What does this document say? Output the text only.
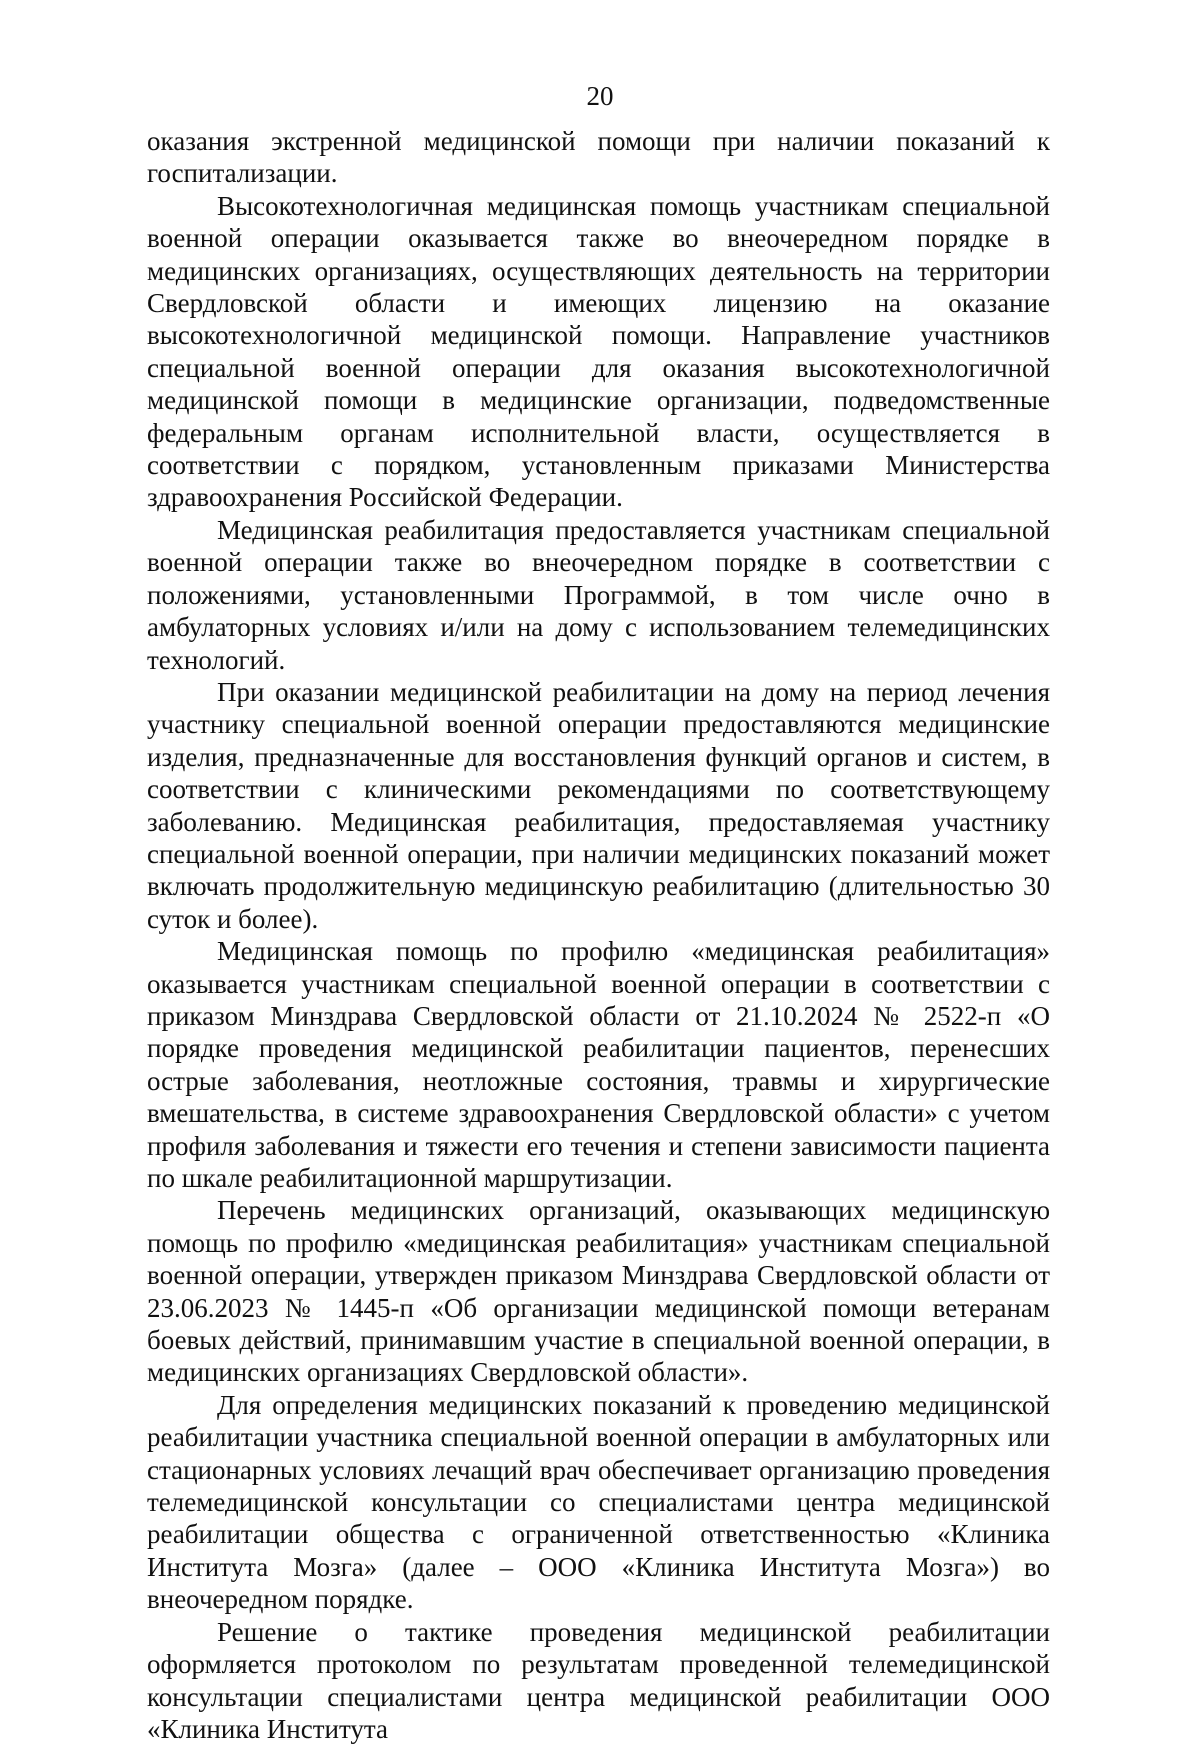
20

оказания экстренной медицинской помощи при наличии показаний к госпитализации.

Высокотехнологичная медицинская помощь участникам специальной военной операции оказывается также во внеочередном порядке в медицинских организациях, осуществляющих деятельность на территории Свердловской области и имеющих лицензию на оказание высокотехнологичной медицинской помощи. Направление участников специальной военной операции для оказания высокотехнологичной медицинской помощи в медицинские организации, подведомственные федеральным органам исполнительной власти, осуществляется в соответствии с порядком, установленным приказами Министерства здравоохранения Российской Федерации.

Медицинская реабилитация предоставляется участникам специальной военной операции также во внеочередном порядке в соответствии с положениями, установленными Программой, в том числе очно в амбулаторных условиях и/или на дому с использованием телемедицинских технологий.

При оказании медицинской реабилитации на дому на период лечения участнику специальной военной операции предоставляются медицинские изделия, предназначенные для восстановления функций органов и систем, в соответствии с клиническими рекомендациями по соответствующему заболеванию. Медицинская реабилитация, предоставляемая участнику специальной военной операции, при наличии медицинских показаний может включать продолжительную медицинскую реабилитацию (длительностью 30 суток и более).

Медицинская помощь по профилю «медицинская реабилитация» оказывается участникам специальной военной операции в соответствии с приказом Минздрава Свердловской области от 21.10.2024 № 2522-п «О порядке проведения медицинской реабилитации пациентов, перенесших острые заболевания, неотложные состояния, травмы и хирургические вмешательства, в системе здравоохранения Свердловской области» с учетом профиля заболевания и тяжести его течения и степени зависимости пациента по шкале реабилитационной маршрутизации.

Перечень медицинских организаций, оказывающих медицинскую помощь по профилю «медицинская реабилитация» участникам специальной военной операции, утвержден приказом Минздрава Свердловской области от 23.06.2023 № 1445-п «Об организации медицинской помощи ветеранам боевых действий, принимавшим участие в специальной военной операции, в медицинских организациях Свердловской области».

Для определения медицинских показаний к проведению медицинской реабилитации участника специальной военной операции в амбулаторных или стационарных условиях лечащий врач обеспечивает организацию проведения телемедицинской консультации со специалистами центра медицинской реабилитации общества с ограниченной ответственностью «Клиника Института Мозга» (далее – ООО «Клиника Института Мозга») во внеочередном порядке.

Решение о тактике проведения медицинской реабилитации оформляется протоколом по результатам проведенной телемедицинской консультации специалистами центра медицинской реабилитации ООО «Клиника Института
